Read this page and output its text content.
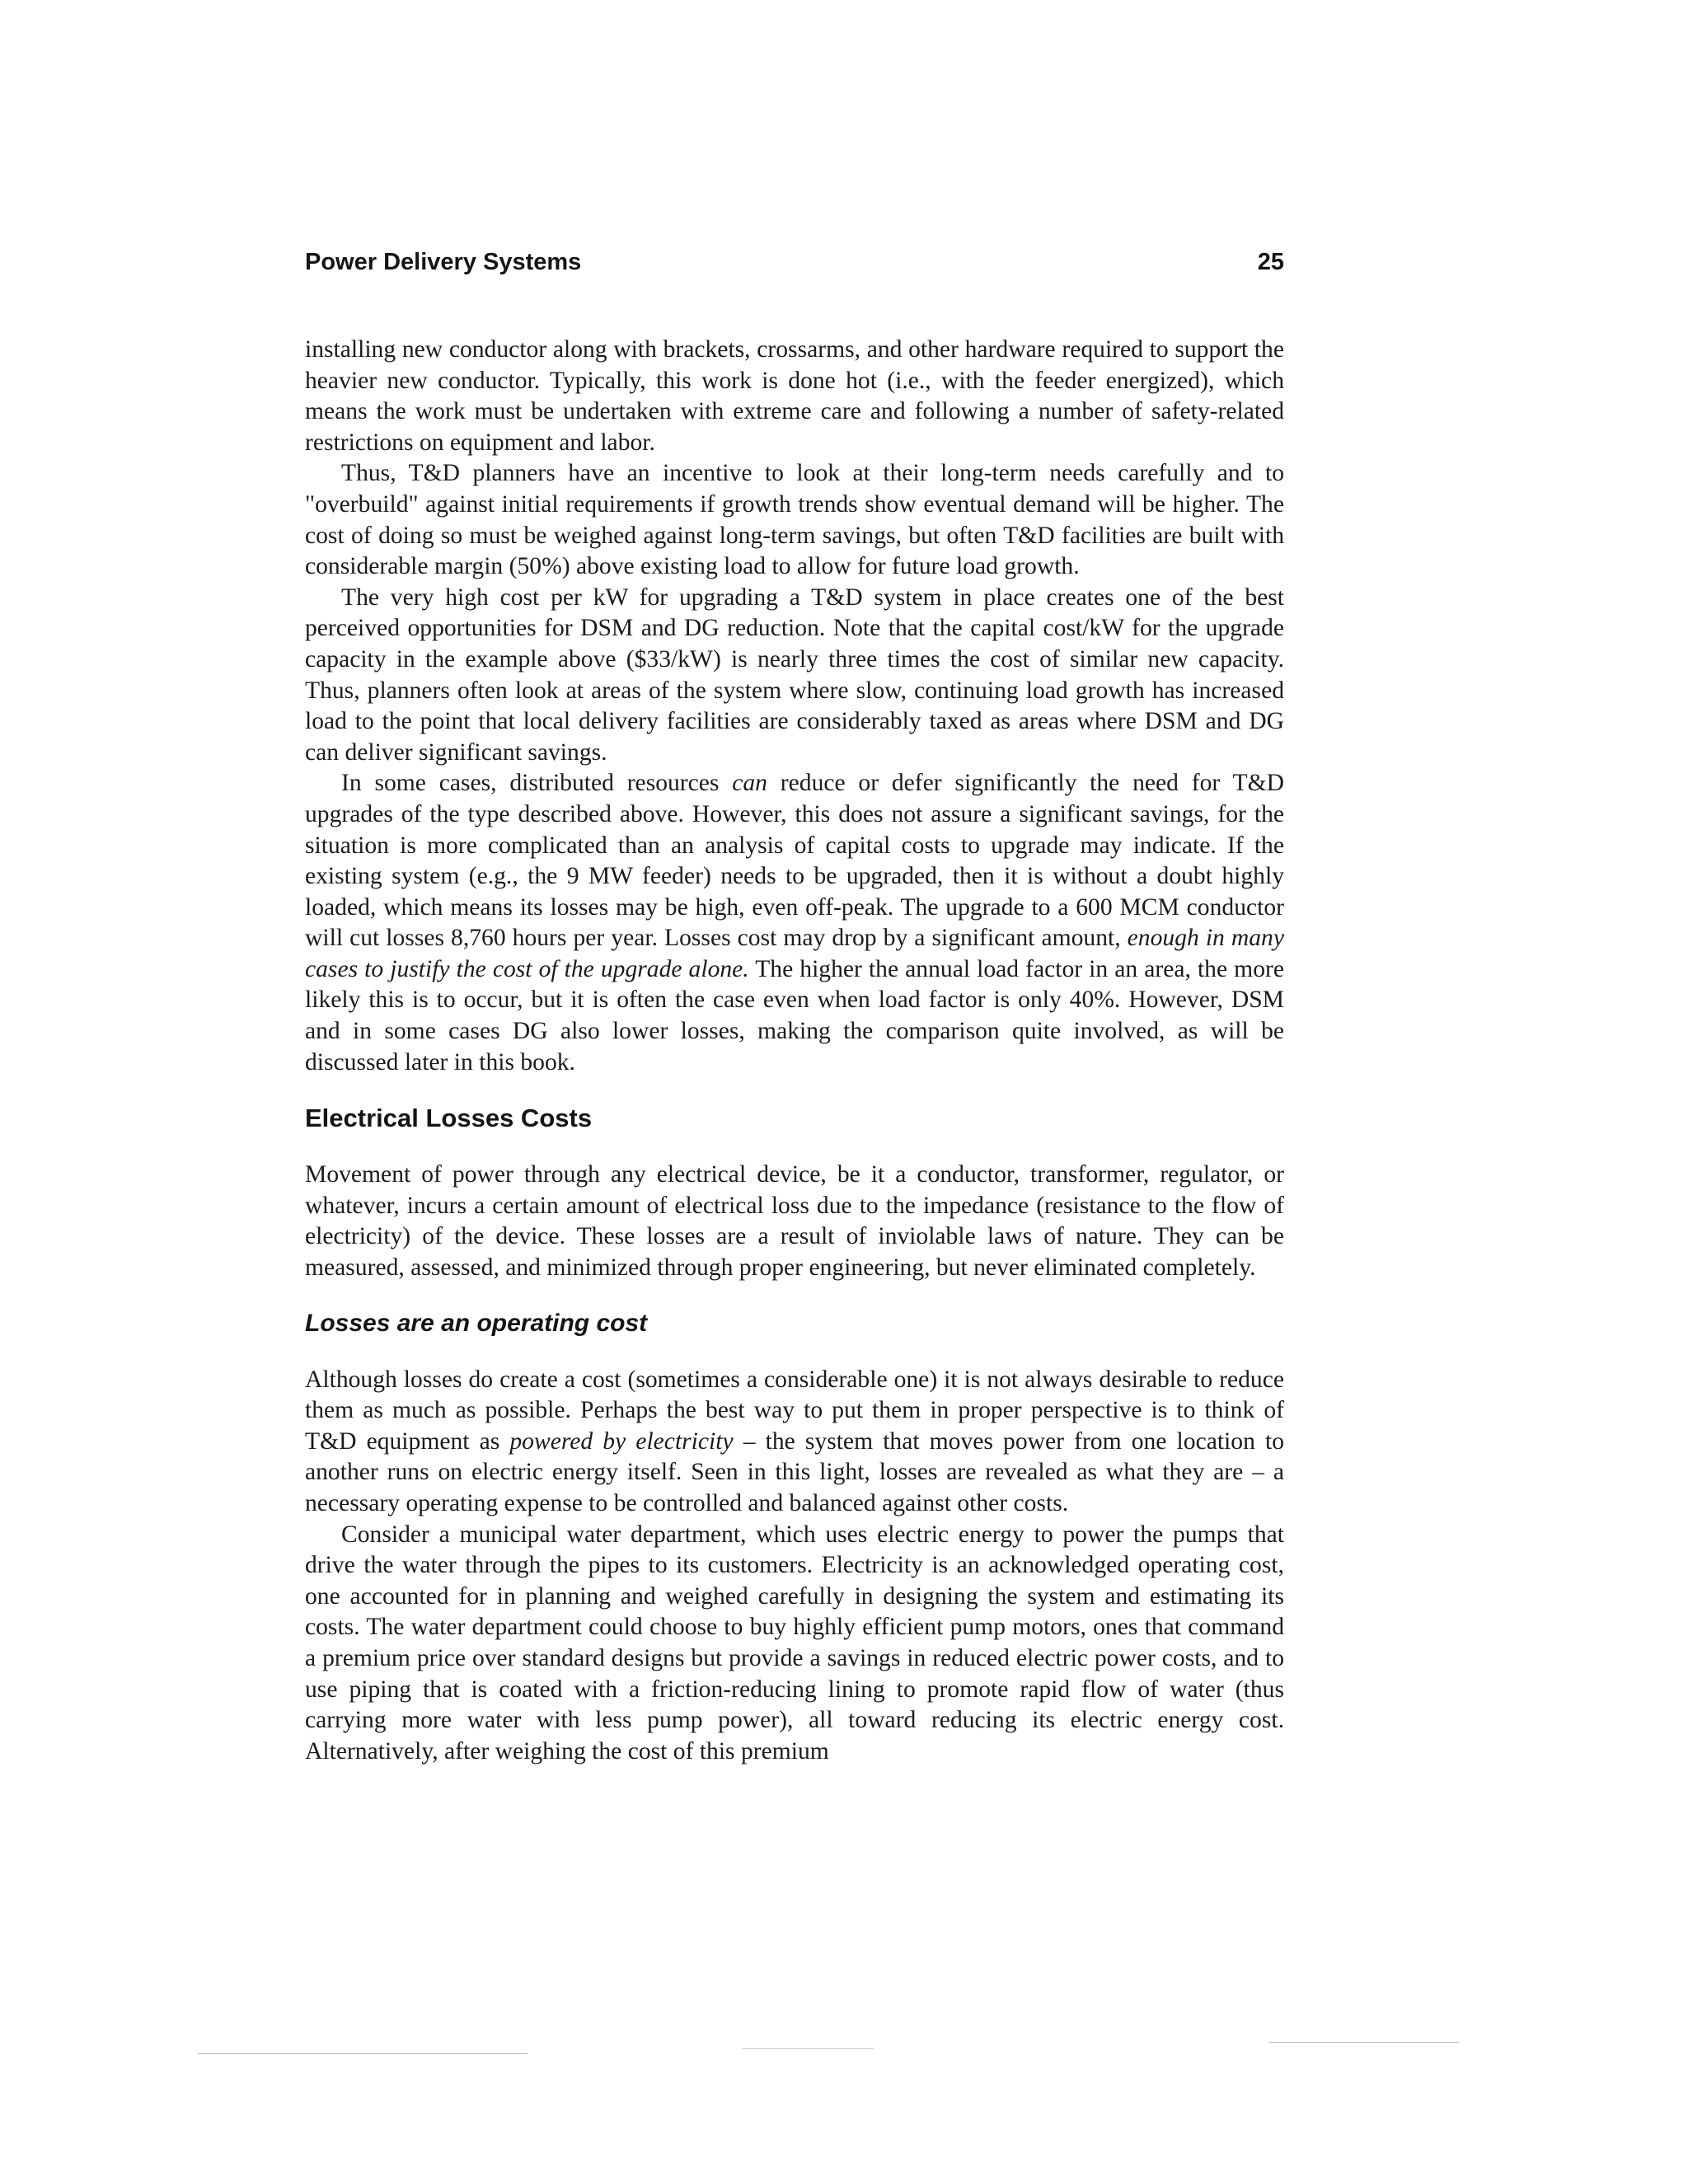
Power Delivery Systems	25

installing new conductor along with brackets, crossarms, and other hardware required to support the heavier new conductor. Typically, this work is done hot (i.e., with the feeder energized), which means the work must be undertaken with extreme care and following a number of safety-related restrictions on equipment and labor.

Thus, T&D planners have an incentive to look at their long-term needs carefully and to "overbuild" against initial requirements if growth trends show eventual demand will be higher. The cost of doing so must be weighed against long-term savings, but often T&D facilities are built with considerable margin (50%) above existing load to allow for future load growth.

The very high cost per kW for upgrading a T&D system in place creates one of the best perceived opportunities for DSM and DG reduction. Note that the capital cost/kW for the upgrade capacity in the example above ($33/kW) is nearly three times the cost of similar new capacity. Thus, planners often look at areas of the system where slow, continuing load growth has increased load to the point that local delivery facilities are considerably taxed as areas where DSM and DG can deliver significant savings.

In some cases, distributed resources can reduce or defer significantly the need for T&D upgrades of the type described above. However, this does not assure a significant savings, for the situation is more complicated than an analysis of capital costs to upgrade may indicate. If the existing system (e.g., the 9 MW feeder) needs to be upgraded, then it is without a doubt highly loaded, which means its losses may be high, even off-peak. The upgrade to a 600 MCM conductor will cut losses 8,760 hours per year. Losses cost may drop by a significant amount, enough in many cases to justify the cost of the upgrade alone. The higher the annual load factor in an area, the more likely this is to occur, but it is often the case even when load factor is only 40%. However, DSM and in some cases DG also lower losses, making the comparison quite involved, as will be discussed later in this book.

Electrical Losses Costs

Movement of power through any electrical device, be it a conductor, transformer, regulator, or whatever, incurs a certain amount of electrical loss due to the impedance (resistance to the flow of electricity) of the device. These losses are a result of inviolable laws of nature. They can be measured, assessed, and minimized through proper engineering, but never eliminated completely.

Losses are an operating cost

Although losses do create a cost (sometimes a considerable one) it is not always desirable to reduce them as much as possible. Perhaps the best way to put them in proper perspective is to think of T&D equipment as powered by electricity – the system that moves power from one location to another runs on electric energy itself. Seen in this light, losses are revealed as what they are – a necessary operating expense to be controlled and balanced against other costs.

Consider a municipal water department, which uses electric energy to power the pumps that drive the water through the pipes to its customers. Electricity is an acknowledged operating cost, one accounted for in planning and weighed carefully in designing the system and estimating its costs. The water department could choose to buy highly efficient pump motors, ones that command a premium price over standard designs but provide a savings in reduced electric power costs, and to use piping that is coated with a friction-reducing lining to promote rapid flow of water (thus carrying more water with less pump power), all toward reducing its electric energy cost. Alternatively, after weighing the cost of this premium
